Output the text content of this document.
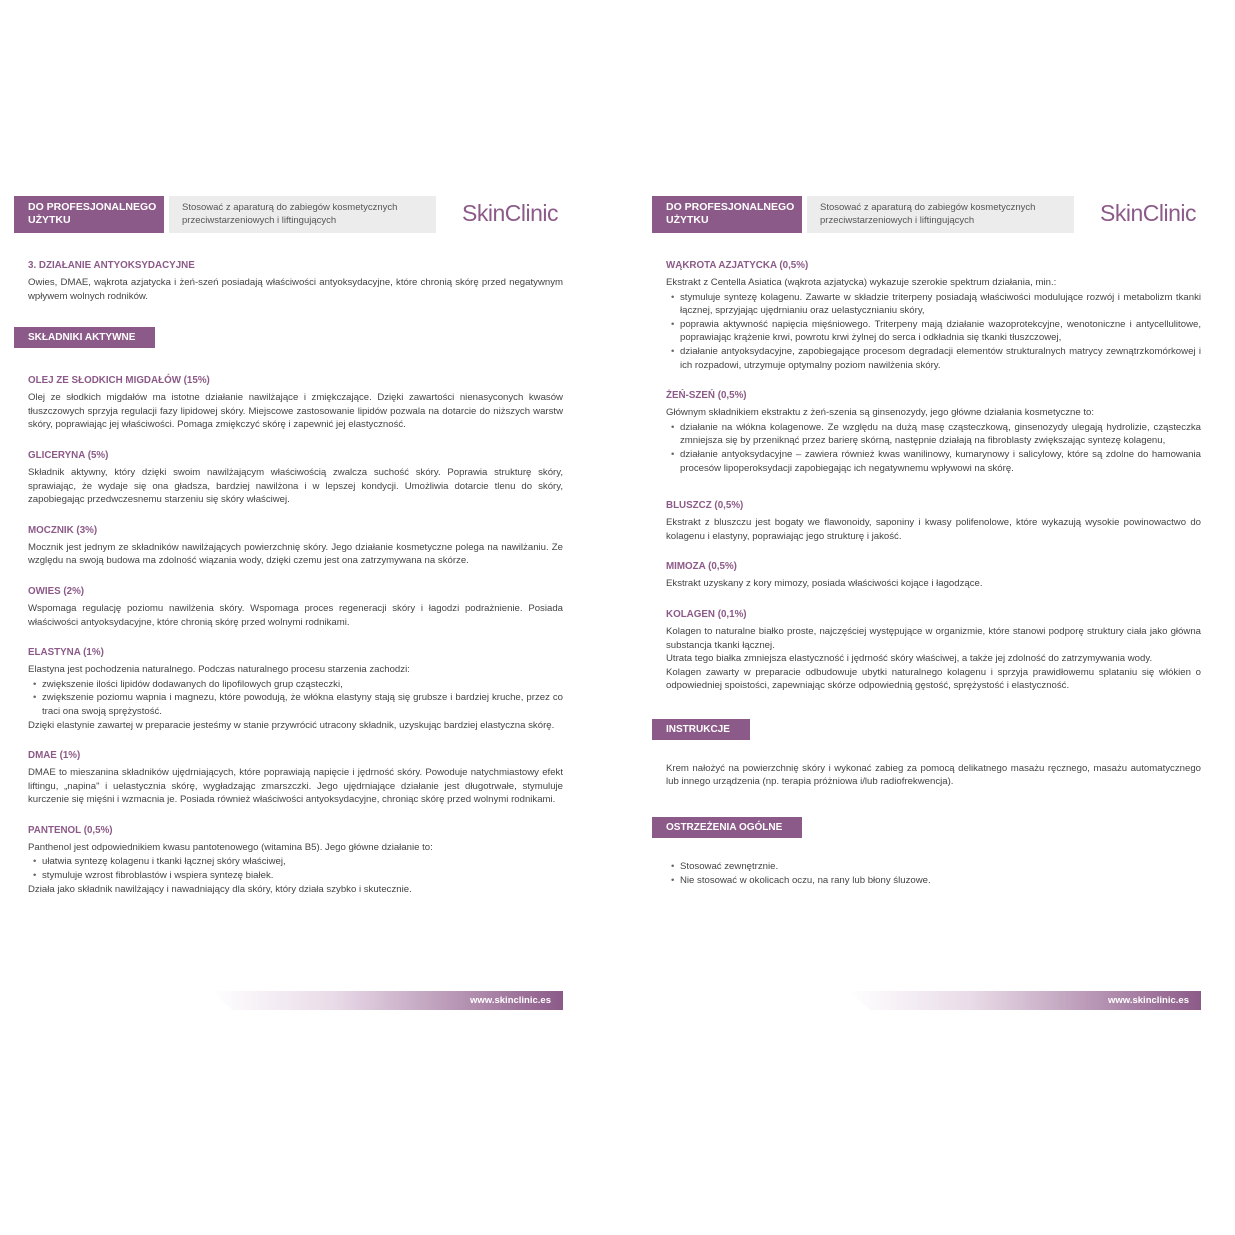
DO PROFESJONALNEGO
UŻYTKU
Stosować z aparaturą do zabiegów kosmetycznych
przeciwstarzeniowych i liftingujących	SkinClinic
3. DZIAŁANIE ANTYOKSYDACYJNE

Owies, DMAE, wąkrota azjatycka i żeń-szeń posiadają właściwości antyoksydacyjne, które chronią skórę przed negatywnym wpływem wolnych rodników.

SKŁADNIKI AKTYWNE
OLEJ ZE SŁODKICH MIGDAŁÓW (15%)

Olej ze słodkich migdałów ma istotne działanie nawilżające i zmiękczające. Dzięki zawartości nienasyconych kwasów tłuszczowych sprzyja regulacji fazy lipidowej skóry. Miejscowe zastosowanie lipidów pozwala na dotarcie do niższych warstw skóry, poprawiając jej właściwości. Pomaga zmiękczyć skórę i zapewnić jej elastyczność.

GLICERYNA (5%)

Składnik aktywny, który dzięki swoim nawilżającym właściwością zwalcza suchość skóry. Poprawia strukturę skóry, sprawiając, że wydaje się ona gładsza, bardziej nawilżona i w lepszej kondycji. Umożliwia dotarcie tlenu do skóry, zapobiegając przedwczesnemu starzeniu się skóry właściwej.

MOCZNIK (3%)

Mocznik jest jednym ze składników nawilżających powierzchnię skóry. Jego działanie kosmetyczne polega na nawilżaniu. Ze względu na swoją budowa ma zdolność wiązania wody, dzięki czemu jest ona zatrzymywana na skórze.

OWIES (2%)

Wspomaga regulację poziomu nawilżenia skóry. Wspomaga proces regeneracji skóry i łagodzi podrażnienie. Posiada właściwości antyoksydacyjne, które chronią skórę przed wolnymi rodnikami.

ELASTYNA (1%)

Elastyna jest pochodzenia naturalnego. Podczas naturalnego procesu starzenia zachodzi:

• zwiększenie ilości lipidów dodawanych do lipofilowych grup cząsteczki,
• zwiększenie poziomu wapnia i magnezu, które powodują, że włókna elastyny stają się grubsze i bardziej kruche, przez co traci ona swoją sprężystość.

Dzięki elastynie zawartej w preparacie jesteśmy w stanie przywrócić utracony składnik, uzyskując bardziej elastyczna skórę.

DMAE (1%)

DMAE to mieszanina składników ujędrniających, które poprawiają napięcie i jędrność skóry. Powoduje natychmiastowy efekt liftingu, „napina" i uelastycznia skórę, wygładzając zmarszczki. Jego ujędrniające działanie jest długotrwałe, stymuluje kurczenie się mięśni i wzmacnia je. Posiada również właściwości antyoksydacyjne, chroniąc skórę przed wolnymi rodnikami.

PANTENOL (0,5%)

Panthenol jest odpowiednikiem kwasu pantotenowego (witamina B5). Jego główne działanie to:

• ułatwia syntezę kolagenu i tkanki łącznej skóry właściwej,
• stymuluje wzrost fibroblastów i wspiera syntezę białek.

Działa jako składnik nawilżający i nawadniający dla skóry, który działa szybko i skutecznie.

www.skinclinic.es
DO PROFESJONALNEGO
UŻYTKU
Stosować z aparaturą do zabiegów kosmetycznych
przeciwstarzeniowych i liftingujących	SkinClinic
WĄKROTA AZJATYCKA (0,5%)

Ekstrakt z Centella Asiatica (wąkrota azjatycka) wykazuje szerokie spektrum działania, min.:

• stymuluje syntezę kolagenu. Zawarte w składzie triterpeny posiadają właściwości modulujące rozwój i metabolizm tkanki łącznej, sprzyjając ujędrnianiu oraz uelastycznianiu skóry,
• poprawia aktywność napięcia mięśniowego. Triterpeny mają działanie wazoprotekcyjne, wenotoniczne i antycellulitowe, poprawiając krążenie krwi, powrotu krwi żylnej do serca i odkładnia się tkanki tłuszczowej,
• działanie antyoksydacyjne, zapobiegające procesom degradacji elementów strukturalnych matrycy zewnątrzkomórkowej i ich rozpadowi, utrzymuje optymalny poziom nawilżenia skóry.
ŻEŃ-SZEŃ (0,5%)

Głównym składnikiem ekstraktu z żeń-szenia są ginsenozydy, jego główne działania kosmetyczne to:

• działanie na włókna kolagenowe. Ze względu na dużą masę cząsteczkową, ginsenozydy ulegają hydrolizie, cząsteczka zmniejsza się by przeniknąć przez barierę skórną, następnie działają na fibroblasty zwiększając syntezę kolagenu,
• działanie antyoksydacyjne – zawiera również kwas wanilinowy, kumarynowy i salicylowy, które są zdolne do hamowania procesów lipoperoksydacji zapobiegając ich negatywnemu wpływowi na skórę.
BLUSZCZ (0,5%)

Ekstrakt z bluszczu jest bogaty we flawonoidy, saponiny i kwasy polifenolowe, które wykazują wysokie powinowactwo do kolagenu i elastyny, poprawiając jego strukturę i jakość.

MIMOZA (0,5%)

Ekstrakt uzyskany z kory mimozy, posiada właściwości kojące i łagodzące.

KOLAGEN (0,1%)

Kolagen to naturalne białko proste, najczęściej występujące w organizmie, które stanowi podporę struktury ciała jako główna substancja tkanki łącznej.

Utrata tego białka zmniejsza elastyczność i jędrność skóry właściwej, a także jej zdolność do zatrzymywania wody.

Kolagen zawarty w preparacie odbudowuje ubytki naturalnego kolagenu i sprzyja prawidłowemu splataniu się włókien o odpowiedniej spoistości, zapewniając skórze odpowiednią gęstość, sprężystość i elastyczność.

INSTRUKCJE

Krem nałożyć na powierzchnię skóry i wykonać zabieg za pomocą delikatnego masażu ręcznego, masażu automatycznego lub innego urządzenia (np. terapia próżniowa i/lub radiofrekwencja).

OSTRZEŻENIA OGÓLNE
• Stosować zewnętrznie.
• Nie stosować w okolicach oczu, na rany lub błony śluzowe.
www.skinclinic.es
